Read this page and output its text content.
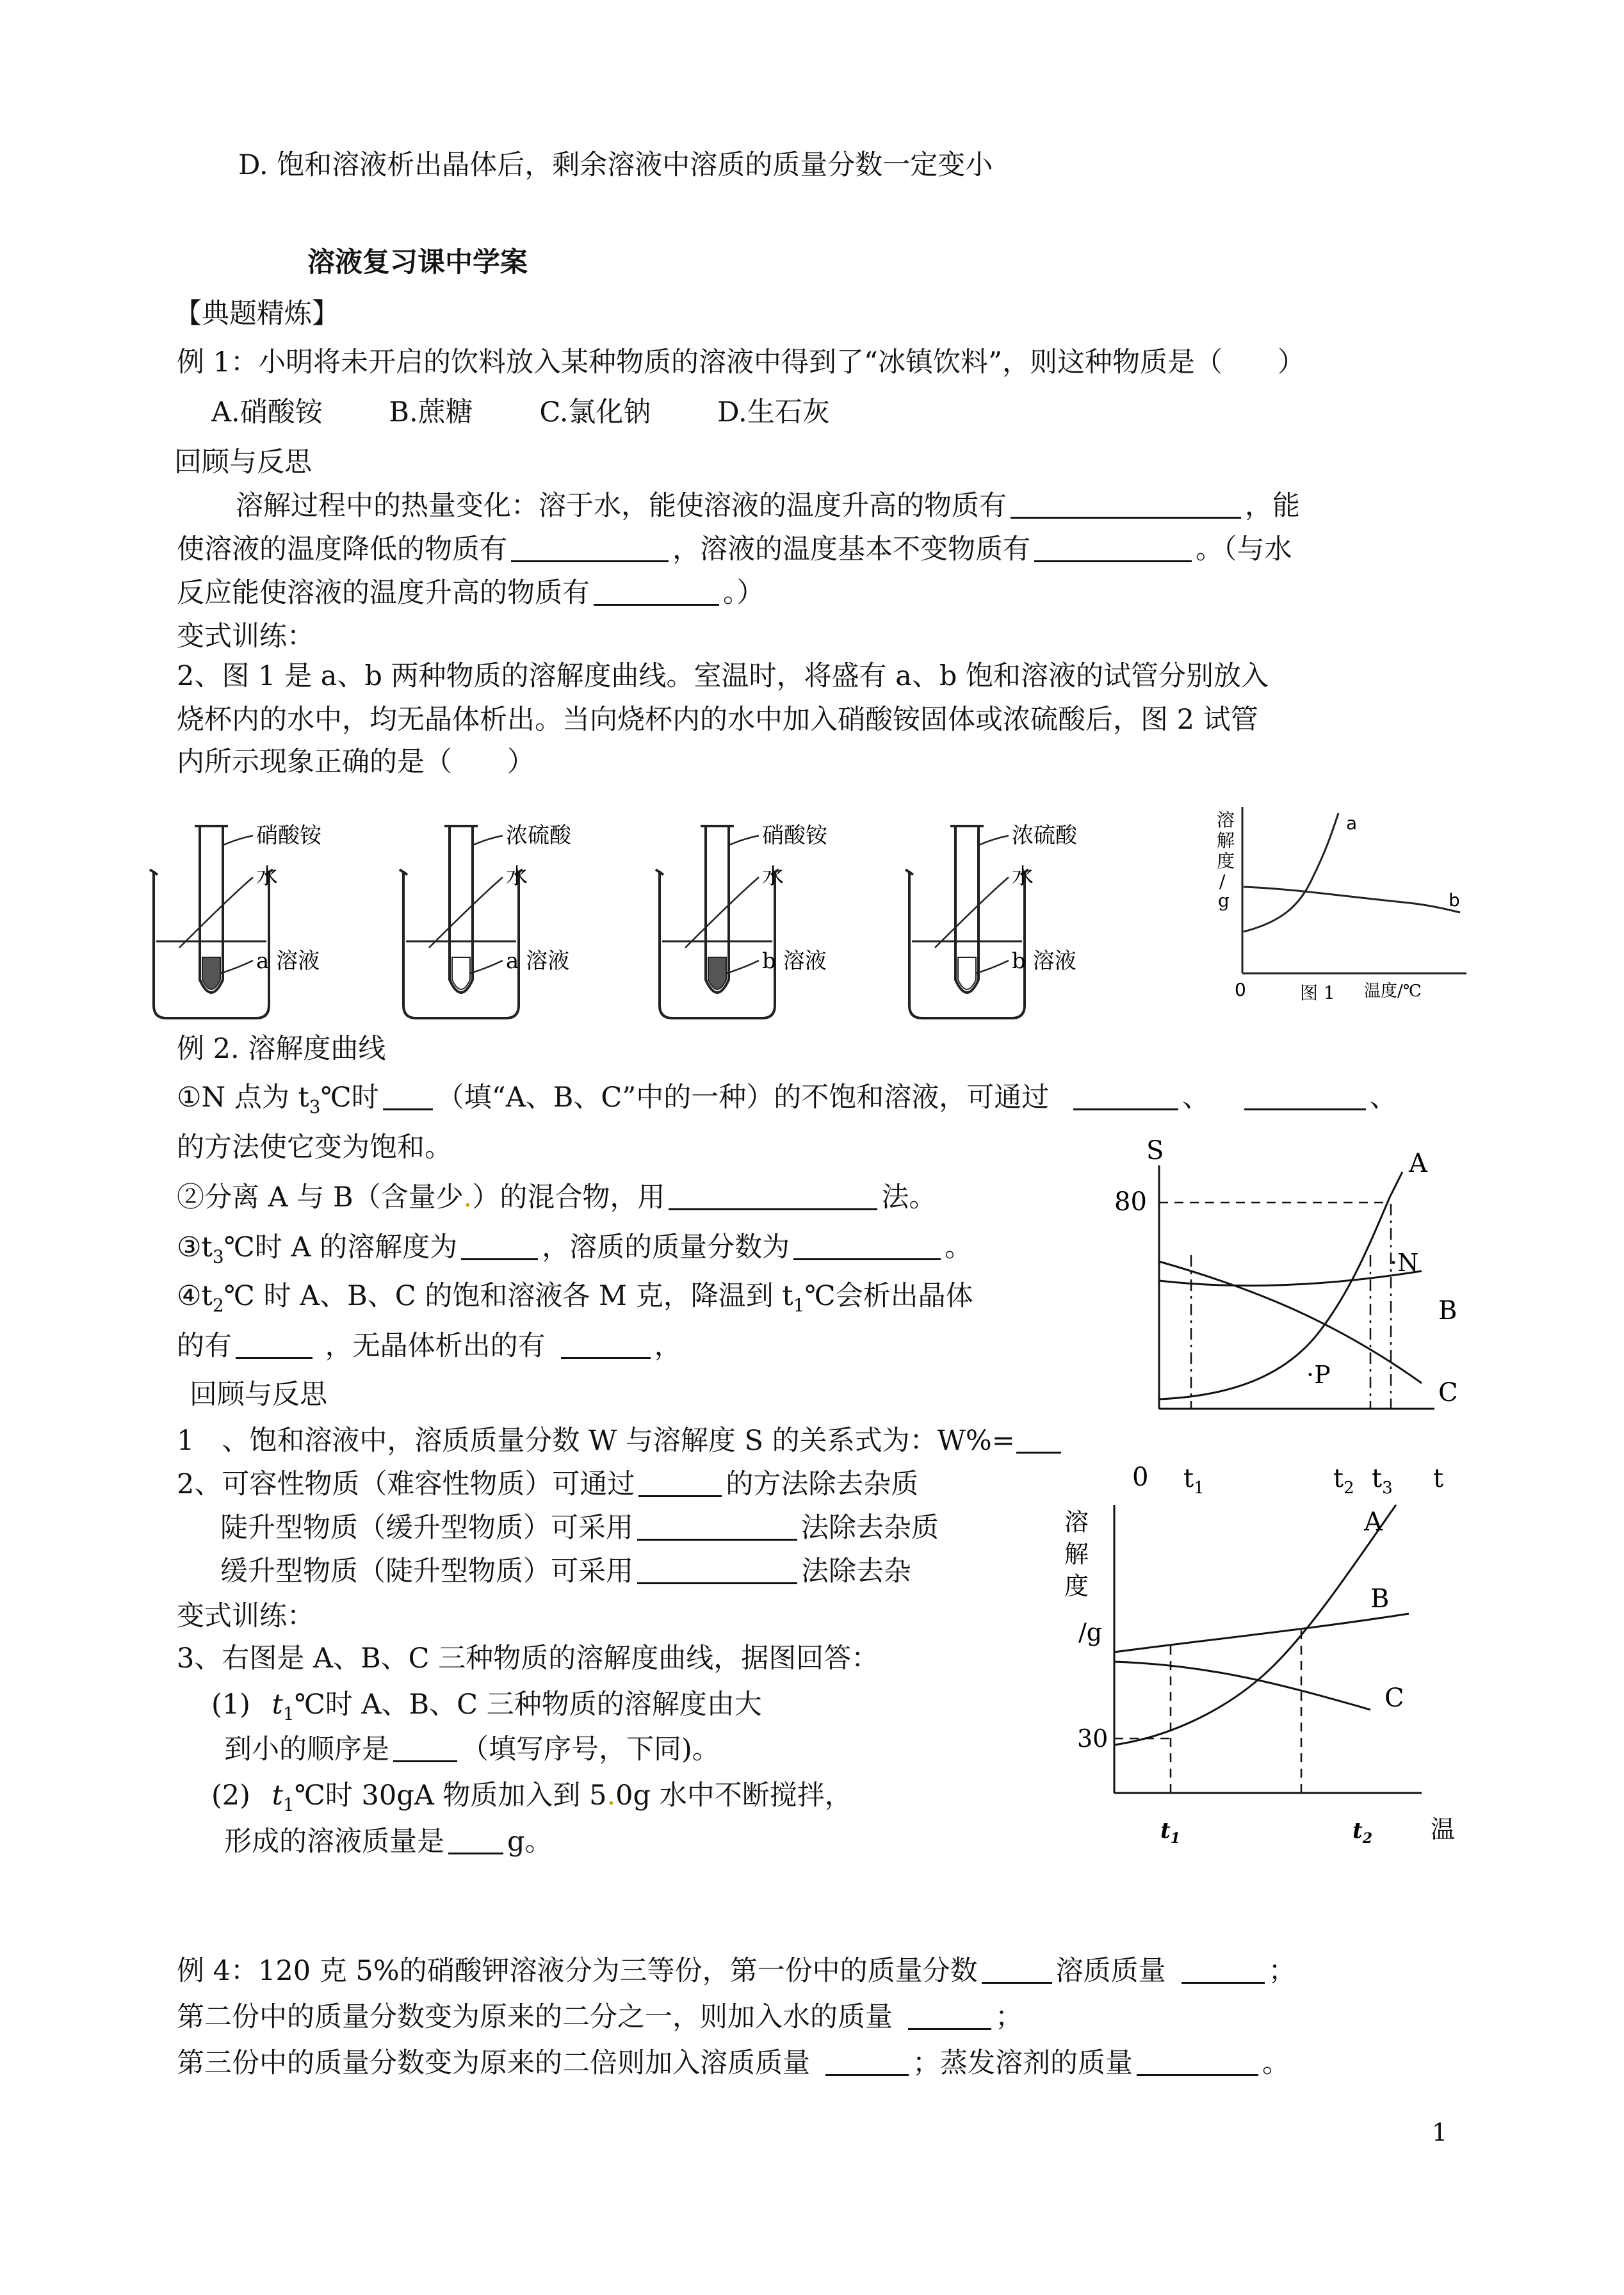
D. 饱和溶液析出晶体后，剩余溶液中溶质的质量分数一定变小
溶液复习课中学案
【典题精炼】
例 1：小明将未开启的饮料放入某种物质的溶液中得到了“冰镇饮料”，则这种物质是（　　）
A.硝酸铵 B.蔗糖 C.氯化钠 D.生石灰
回顾与反思
溶解过程中的热量变化：溶于水，能使溶液的温度升高的物质有	，能
使溶液的温度降低的物质有	，溶液的温度基本不变物质有	。（与水
反应能使溶液的温度升高的物质有	。）
变式训练：
2、图 1 是 a、b 两种物质的溶解度曲线。室温时，将盛有 a、b 饱和溶液的试管分别放入
烧杯内的水中，均无晶体析出。当向烧杯内的水中加入硝酸铵固体或浓硫酸后，图 2 试管
内所示现象正确的是（　　）
硝酸铵
水
a 溶液
浓硫酸
水
a 溶液
硝酸铵
水
b 溶液
浓硫酸
水
b 溶液
溶
解
度
/
g
a
b
0	图 1 温度/℃
例 2. 溶解度曲线
①N 点为 $t_3℃$时 （填“A、B、C”中的一种）的不饱和溶液，可通过	、	、
的方法使它变为饱和。
②分离 A 与 B（含量少.）的混合物，用	法。
$③t_3℃$时 A 的溶解度为	，溶质的质量分数为	。
$④t_2℃$ 时 A、B、C 的饱和溶液各 M 克，降温到 $t_1℃$会析出晶体
的有	，无晶体析出的有	，
回顾与反思
1　、饱和溶液中，溶质质量分数 W 与溶解度 S 的关系式为：W%=
2、可容性物质（难容性物质）可通过	的方法除去杂质
陡升型物质（缓升型物质）可采用	法除去杂质
缓升型物质（陡升型物质）可采用	法除去杂
S
80
A
·N
B
·P
C
0 $t_1$	$t_2$ $t_3$ t
变式训练：
3、右图是 A、B、C 三种物质的溶解度曲线，据图回答：
(1) $t_1℃$时 A、B、C 三种物质的溶解度由大
到小的顺序是	（填写序号，下同)。
(2) $t_1℃$时 30gA 物质加入到 5.0g 水中不断搅拌，
形成的溶液质量是 g。
溶
解
度
/g
30
A
B
C
$t_1$	$t_2$ 温
例 4：120 克 5%的硝酸钾溶液分为三等份，第一份中的质量分数	溶质质量	；
第二份中的质量分数变为原来的二分之一，则加入水的质量	；
第三份中的质量分数变为原来的二倍则加入溶质质量	；蒸发溶剂的质量	。
1
